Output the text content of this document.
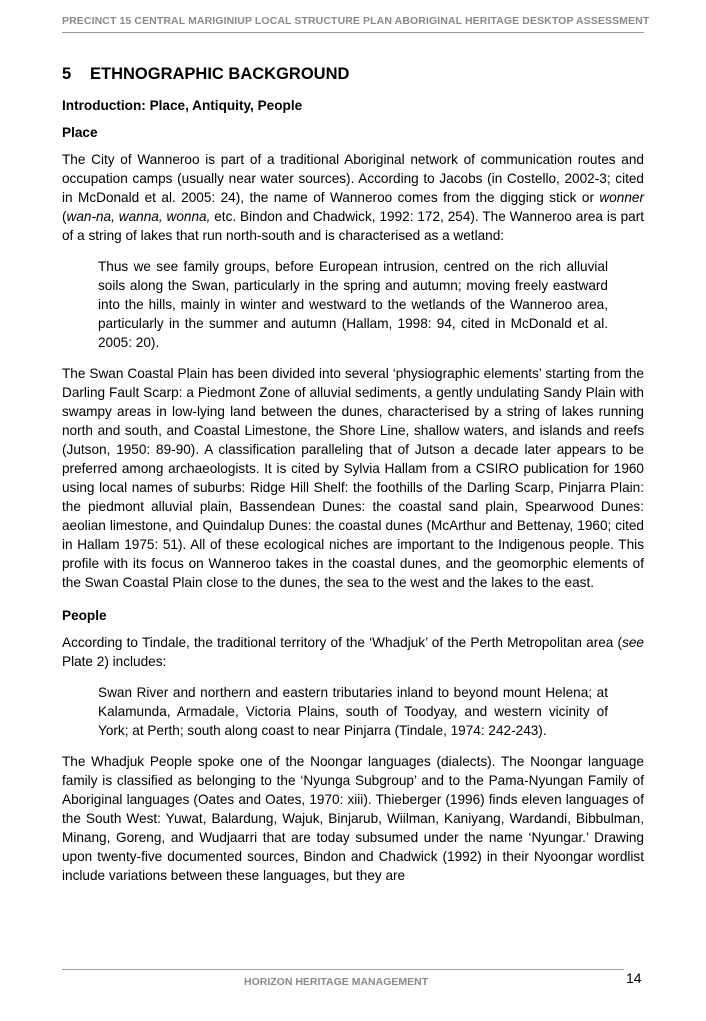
PRECINCT 15 CENTRAL MARIGINIUP LOCAL STRUCTURE PLAN ABORIGINAL HERITAGE DESKTOP ASSESSMENT
5 ETHNOGRAPHIC BACKGROUND
Introduction: Place, Antiquity, People
Place

The City of Wanneroo is part of a traditional Aboriginal network of communication routes and occupation camps (usually near water sources). According to Jacobs (in Costello, 2002-3; cited in McDonald et al. 2005: 24), the name of Wanneroo comes from the digging stick or wonner (wan-na, wanna, wonna, etc. Bindon and Chadwick, 1992: 172, 254). The Wanneroo area is part of a string of lakes that run north-south and is characterised as a wetland:

Thus we see family groups, before European intrusion, centred on the rich alluvial soils along the Swan, particularly in the spring and autumn; moving freely eastward into the hills, mainly in winter and westward to the wetlands of the Wanneroo area, particularly in the summer and autumn (Hallam, 1998: 94, cited in McDonald et al. 2005: 20).

The Swan Coastal Plain has been divided into several ‘physiographic elements’ starting from the Darling Fault Scarp: a Piedmont Zone of alluvial sediments, a gently undulating Sandy Plain with swampy areas in low-lying land between the dunes, characterised by a string of lakes running north and south, and Coastal Limestone, the Shore Line, shallow waters, and islands and reefs (Jutson, 1950: 89-90). A classification paralleling that of Jutson a decade later appears to be preferred among archaeologists. It is cited by Sylvia Hallam from a CSIRO publication for 1960 using local names of suburbs: Ridge Hill Shelf: the foothills of the Darling Scarp, Pinjarra Plain: the piedmont alluvial plain, Bassendean Dunes: the coastal sand plain, Spearwood Dunes: aeolian limestone, and Quindalup Dunes: the coastal dunes (McArthur and Bettenay, 1960; cited in Hallam 1975: 51). All of these ecological niches are important to the Indigenous people. This profile with its focus on Wanneroo takes in the coastal dunes, and the geomorphic elements of the Swan Coastal Plain close to the dunes, the sea to the west and the lakes to the east.

People

According to Tindale, the traditional territory of the ‘Whadjuk’ of the Perth Metropolitan area (see Plate 2) includes:

Swan River and northern and eastern tributaries inland to beyond mount Helena; at Kalamunda, Armadale, Victoria Plains, south of Toodyay, and western vicinity of York; at Perth; south along coast to near Pinjarra (Tindale, 1974: 242-243).

The Whadjuk People spoke one of the Noongar languages (dialects). The Noongar language family is classified as belonging to the ‘Nyunga Subgroup’ and to the Pama-Nyungan Family of Aboriginal languages (Oates and Oates, 1970: xiii). Thieberger (1996) finds eleven languages of the South West: Yuwat, Balardung, Wajuk, Binjarub, Wiilman, Kaniyang, Wardandi, Bibbulman, Minang, Goreng, and Wudjaarri that are today subsumed under the name ‘Nyungar.’ Drawing upon twenty-five documented sources, Bindon and Chadwick (1992) in their Nyoongar wordlist include variations between these languages, but they are

HORIZON HERITAGE MANAGEMENT	14
